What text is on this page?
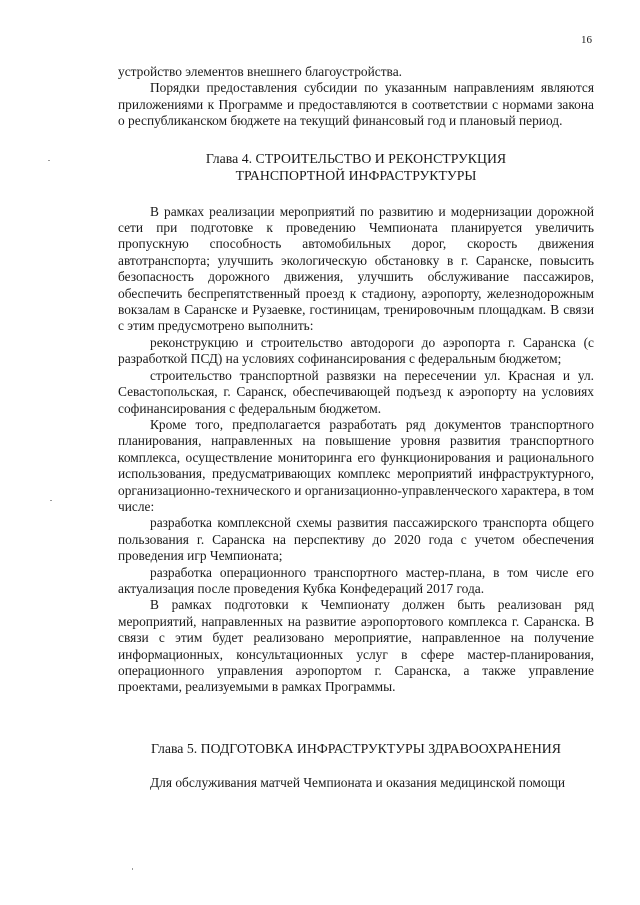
16

устройство элементов внешнего благоустройства.

Порядки предоставления субсидии по указанным направлениям являются приложениями к Программе и предоставляются в соответствии с нормами закона о республиканском бюджете на текущий финансовый год и плановый период.

Глава 4. СТРОИТЕЛЬСТВО И РЕКОНСТРУКЦИЯ
ТРАНСПОРТНОЙ ИНФРАСТРУКТУРЫ

В рамках реализации мероприятий по развитию и модернизации дорожной сети при подготовке к проведению Чемпионата планируется увеличить пропускную способность автомобильных дорог, скорость движения автотранспорта; улучшить экологическую обстановку в г. Саранске, повысить безопасность дорожного движения, улучшить обслуживание пассажиров, обеспечить беспрепятственный проезд к стадиону, аэропорту, железнодорожным вокзалам в Саранске и Рузаевке, гостиницам, тренировочным площадкам. В связи с этим предусмотрено выполнить:

реконструкцию и строительство автодороги до аэропорта г. Саранска (с разработкой ПСД) на условиях софинансирования с федеральным бюджетом;

строительство транспортной развязки на пересечении ул. Красная и ул. Севастопольская, г. Саранск, обеспечивающей подъезд к аэропорту на условиях софинансирования с федеральным бюджетом.

Кроме того, предполагается разработать ряд документов транспортного планирования, направленных на повышение уровня развития транспортного комплекса, осуществление мониторинга его функционирования и рационального использования, предусматривающих комплекс мероприятий инфраструктурного, организационно-технического и организационно-управленческого характера, в том числе:

разработка комплексной схемы развития пассажирского транспорта общего пользования г. Саранска на перспективу до 2020 года с учетом обеспечения проведения игр Чемпионата;

разработка операционного транспортного мастер-плана, в том числе его актуализация после проведения Кубка Конфедераций 2017 года.

В рамках подготовки к Чемпионату должен быть реализован ряд мероприятий, направленных на развитие аэропортового комплекса г. Саранска. В связи с этим будет реализовано мероприятие, направленное на получение информационных, консультационных услуг в сфере мастер-планирования, операционного управления аэропортом г. Саранска, а также управление проектами, реализуемыми в рамках Программы.

Глава 5. ПОДГОТОВКА ИНФРАСТРУКТУРЫ ЗДРАВООХРАНЕНИЯ

Для обслуживания матчей Чемпионата и оказания медицинской помощи
